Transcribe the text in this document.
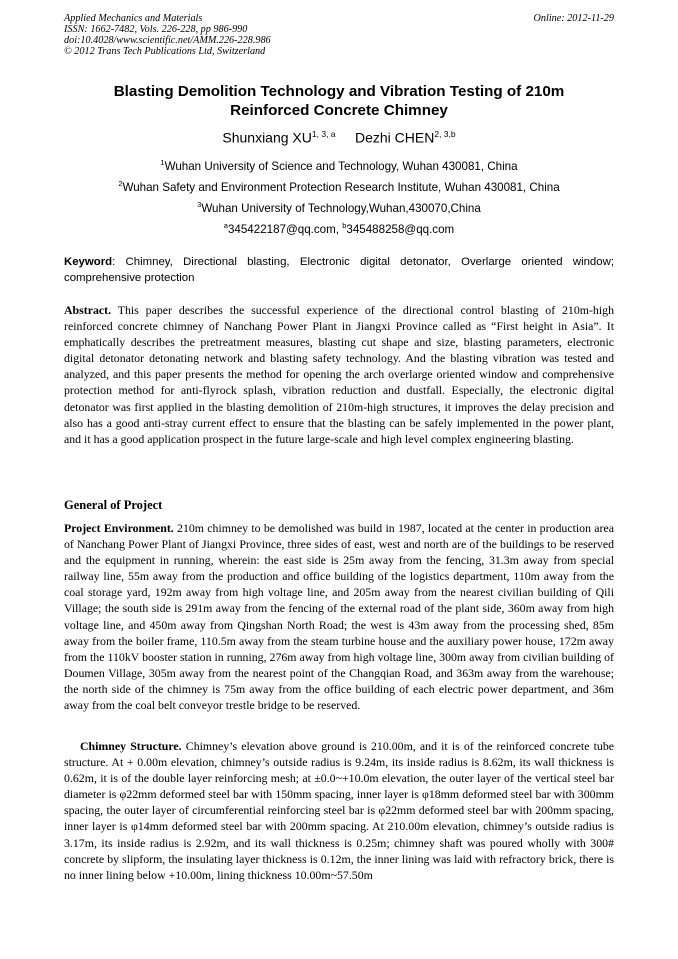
Applied Mechanics and Materials
ISSN: 1662-7482, Vols. 226-228, pp 986-990
doi:10.4028/www.scientific.net/AMM.226-228.986
© 2012 Trans Tech Publications Ltd, Switzerland
Online: 2012-11-29
Blasting Demolition Technology and Vibration Testing of 210m
Reinforced Concrete Chimney
Shunxiang XU$^{1, 3, a}$ Dezhi CHEN$^{2, 3,b}$
$^1$Wuhan University of Science and Technology, Wuhan 430081, China
$^2$Wuhan Safety and Environment Protection Research Institute, Wuhan 430081, China
$^3$Wuhan University of Technology,Wuhan,430070,China
$^a$345422187@qq.com, $^b$345488258@qq.com
Keyword: Chimney, Directional blasting, Electronic digital detonator, Overlarge oriented window; comprehensive protection
Abstract. This paper describes the successful experience of the directional control blasting of 210m-high reinforced concrete chimney of Nanchang Power Plant in Jiangxi Province called as “First height in Asia”. It emphatically describes the pretreatment measures, blasting cut shape and size, blasting parameters, electronic digital detonator detonating network and blasting safety technology. And the blasting vibration was tested and analyzed, and this paper presents the method for opening the arch overlarge oriented window and comprehensive protection method for anti-flyrock splash, vibration reduction and dustfall. Especially, the electronic digital detonator was first applied in the blasting demolition of 210m-high structures, it improves the delay precision and also has a good anti-stray current effect to ensure that the blasting can be safely implemented in the power plant, and it has a good application prospect in the future large-scale and high level complex engineering blasting.
General of Project
Project Environment. 210m chimney to be demolished was build in 1987, located at the center in production area of Nanchang Power Plant of Jiangxi Province, three sides of east, west and north are of the buildings to be reserved and the equipment in running, wherein: the east side is 25m away from the fencing, 31.3m away from special railway line, 55m away from the production and office building of the logistics department, 110m away from the coal storage yard, 192m away from high voltage line, and 205m away from the nearest civilian building of Qili Village; the south side is 291m away from the fencing of the external road of the plant side, 360m away from high voltage line, and 450m away from Qingshan North Road; the west is 43m away from the processing shed, 85m away from the boiler frame, 110.5m away from the steam turbine house and the auxiliary power house, 172m away from the 110kV booster station in running, 276m away from high voltage line, 300m away from civilian building of Doumen Village, 305m away from the nearest point of the Changqian Road, and 363m away from the warehouse; the north side of the chimney is 75m away from the office building of each electric power department, and 36m away from the coal belt conveyor trestle bridge to be reserved.
Chimney Structure. Chimney’s elevation above ground is 210.00m, and it is of the reinforced concrete tube structure. At + 0.00m elevation, chimney’s outside radius is 9.24m, its inside radius is 8.62m, its wall thickness is 0.62m, it is of the double layer reinforcing mesh; at ±0.0~+10.0m elevation, the outer layer of the vertical steel bar diameter is φ22mm deformed steel bar with 150mm spacing, inner layer is φ18mm deformed steel bar with 300mm spacing, the outer layer of circumferential reinforcing steel bar is φ22mm deformed steel bar with 200mm spacing, inner layer is φ14mm deformed steel bar with 200mm spacing. At 210.00m elevation, chimney’s outside radius is 3.17m, its inside radius is 2.92m, and its wall thickness is 0.25m; chimney shaft was poured wholly with 300# concrete by slipform, the insulating layer thickness is 0.12m, the inner lining was laid with refractory brick, there is no inner lining below +10.00m, lining thickness 10.00m~57.50m
